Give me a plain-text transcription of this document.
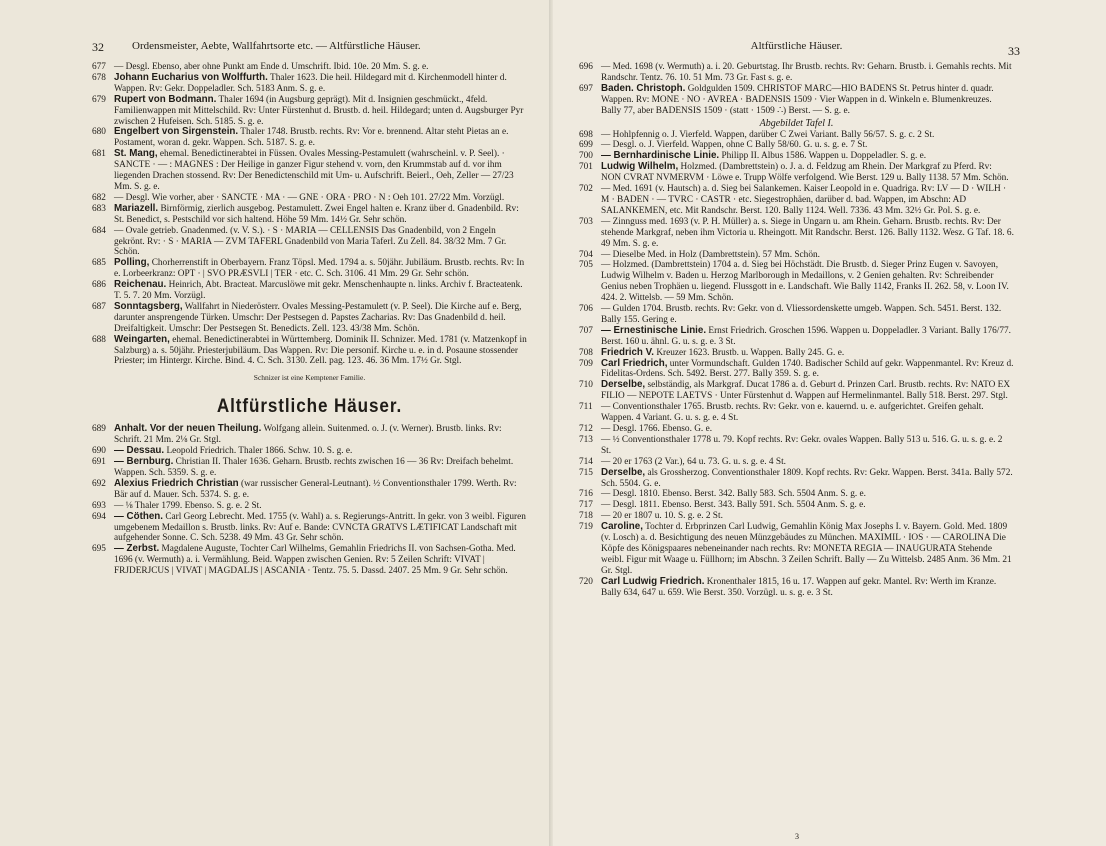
32	Ordensmeister, Aebte, Wallfahrtsorte etc. — Altfürstliche Häuser.

677 — Desgl. Ebenso, aber ohne Punkt am Ende d. Umschrift. Ibid. 10e. 20 Mm. S. g. e.

678 Johann Eucharius von Wolffurth. Thaler 1623. Die heil. Hildegard mit d. Kirchenmodell hinter d. Wappen. Rv: Gekr. Doppeladler. Sch. 5183 Anm. S. g. e.

679 Rupert von Bodmann. Thaler 1694 (in Augsburg geprägt). Mit d. Insignien geschmückt., 4feld. Familienwappen mit Mittelschild. Rv: Unter Fürstenhut d. Brustb. d. heil. Hildegard; unten d. Augsburger Pyr zwischen 2 Hufeisen. Sch. 5185. S. g. e.

680 Engelbert von Sirgenstein. Thaler 1748. Brustb. rechts. Rv: Vor e. brennend. Altar steht Pietas an e. Postament, woran d. gekr. Wappen. Sch. 5187. S. g. e.

681 St. Mang, ehemal. Benedictinerabtei in Füssen. Ovales Messing-Pestamulett (wahrscheinl. v. P. Seel). · SANCTE · — : MAGNES : Der Heilige in ganzer Figur stehend v. vorn, den Krummstab auf d. vor ihm liegenden Drachen stossend. Rv: Der Benedictenschild mit Um- u. Aufschrift. Beierl., Oeh, Zeller — 27/23 Mm. S. g. e.

682 — Desgl. Wie vorher, aber · SANCTE · MA · — GNE · ORA · PRO · N : Oeh 101. 27/22 Mm. Vorzügl.

683 Mariazell. Birnförmig, zierlich ausgebog. Pestamulett. Zwei Engel halten e. Kranz über d. Gnadenbild. Rv: St. Benedict, s. Pestschild vor sich haltend. Höhe 59 Mm. 14½ Gr. Sehr schön.

684 — Ovale getrieb. Gnadenmed. (v. V. S.). · S · MARIA — CELLENSIS Das Gnadenbild, von 2 Engeln gekrönt. Rv: · S · MARIA — ZVM TAFERL Gnadenbild von Maria Taferl. Zu Zell. 84. 38/32 Mm. 7 Gr. Schön.

685 Polling, Chorherrenstift in Oberbayern. Franz Töpsl. Med. 1794 a. s. 50jähr. Jubiläum. Brustb. rechts. Rv: In e. Lorbeerkranz: OPT · | SVO PRÆSVLI | TER · etc. C. Sch. 3106. 41 Mm. 29 Gr. Sehr schön.

686 Reichenau. Heinrich, Abt. Bracteat. Marcuslöwe mit gekr. Menschenhaupte n. links. Archiv f. Bracteatenk. T. 5. 7. 20 Mm. Vorzügl.

687 Sonntagsberg, Wallfahrt in Niederösterr. Ovales Messing-Pestamulett (v. P. Seel). Die Kirche auf e. Berg, darunter ansprengende Türken. Umschr: Der Pestsegen d. Papstes Zacharias. Rv: Das Gnadenbild d. heil. Dreifaltigkeit. Umschr: Der Pestsegen St. Benedicts. Zell. 123. 43/38 Mm. Schön.

688 Weingarten, ehemal. Benedictinerabtei in Württemberg. Dominik II. Schnizer. Med. 1781 (v. Matzenkopf in Salzburg) a. s. 50jähr. Priesterjubiläum. Das Wappen. Rv: Die personif. Kirche u. e. in d. Posaune stossender Priester; im Hintergr. Kirche. Bind. 4. C. Sch. 3130. Zell. pag. 123. 46. 36 Mm. 17½ Gr. Stgl.

Schnizer ist eine Kemptener Familie.
Altfürstliche Häuser.

689 Anhalt. Vor der neuen Theilung. Wolfgang allein. Suitenmed. o. J. (v. Werner). Brustb. links. Rv: Schrift. 21 Mm. 2⅛ Gr. Stgl.

690 — Dessau. Leopold Friedrich. Thaler 1866. Schw. 10. S. g. e.

691 — Bernburg. Christian II. Thaler 1636. Geharn. Brustb. rechts zwischen 16 — 36 Rv: Dreifach behelmt. Wappen. Sch. 5359. S. g. e.

692 Alexius Friedrich Christian (war russischer General-Leutnant). ½ Conventionsthaler 1799. Werth. Rv: Bär auf d. Mauer. Sch. 5374. S. g. e.

693 — ⅛ Thaler 1799. Ebenso. S. g. e. 2 St.

694 — Cöthen. Carl Georg Lebrecht. Med. 1755 (v. Wahl) a. s. Regierungs-Antritt. In gekr. von 3 weibl. Figuren umgebenem Medaillon s. Brustb. links. Rv: Auf e. Bande: CVNCTA GRATVS LÆTIFICAT Landschaft mit aufgehender Sonne. C. Sch. 5238. 49 Mm. 43 Gr. Sehr schön.

695 — Zerbst. Magdalene Auguste, Tochter Carl Wilhelms, Gemahlin Friedrichs II. von Sachsen-Gotha. Med. 1696 (v. Wermuth) a. i. Vermählung. Beid. Wappen zwischen Genien. Rv: 5 Zeilen Schrift: VIVAT | FRJDERJCUS | VIVAT | MAGDALJS | ASCANIA · Tentz. 75. 5. Dassd. 2407. 25 Mm. 9 Gr. Sehr schön.

Altfürstliche Häuser.	33

696 — Med. 1698 (v. Wermuth) a. i. 20. Geburtstag. Ihr Brustb. rechts. Rv: Geharn. Brustb. i. Gemahls rechts. Mit Randschr. Tentz. 76. 10. 51 Mm. 73 Gr. Fast s. g. e.

697 Baden. Christoph. Goldgulden 1509. CHRISTOF MARC—HIO BADENS St. Petrus hinter d. quadr. Wappen. Rv: MONE · NO · AVREA · BADENSIS 1509 · Vier Wappen in d. Winkeln e. Blumenkreuzes. Bally 77, aber BADENSIS 1509 · (statt · 1509 ∴) Berst. — S. g. e.

Abgebildet Tafel I.

698 — Hohlpfennig o. J. Vierfeld. Wappen, darüber C Zwei Variant. Bally 56/57. S. g. c. 2 St.

699 — Desgl. o. J. Vierfeld. Wappen, ohne C Bally 58/60. G. u. s. g. e. 7 St.

700 — Bernhardinische Linie. Philipp II. Albus 1586. Wappen u. Doppeladler. S. g. e.

701 Ludwig Wilhelm, Holzmed. (Dambrettstein) o. J. a. d. Feldzug am Rhein. Der Markgraf zu Pferd. Rv: NON CVRAT NVMERVM · Löwe e. Trupp Wölfe verfolgend. Wie Berst. 129 u. Bally 1138. 57 Mm. Schön.

702 — Med. 1691 (v. Hautsch) a. d. Sieg bei Salankemen. Kaiser Leopold in e. Quadriga. Rv: LV — D · WILH · M · BADEN · — TVRC · CASTR · etc. Siegestrophäen, darüber d. bad. Wappen, im Abschn: AD SALANKEMEN, etc. Mit Randschr. Berst. 120. Bally 1124. Well. 7336. 43 Mm. 32½ Gr. Pol. S. g. e.

703 — Zinnguss med. 1693 (v. P. H. Müller) a. s. Siege in Ungarn u. am Rhein. Geharn. Brustb. rechts. Rv: Der stehende Markgraf, neben ihm Victoria u. Rheingott. Mit Randschr. Berst. 126. Bally 1132. Wesz. G Taf. 18. 6. 49 Mm. S. g. e.

704 — Dieselbe Med. in Holz (Dambrettstein). 57 Mm. Schön.

705 — Holzmed. (Dambrettstein) 1704 a. d. Sieg bei Höchstädt. Die Brustb. d. Sieger Prinz Eugen v. Savoyen, Ludwig Wilhelm v. Baden u. Herzog Marlborough in Medaillons, v. 2 Genien gehalten. Rv: Schreibender Genius neben Trophäen u. liegend. Flussgott in e. Landschaft. Wie Bally 1142, Franks II. 262. 58, v. Loon IV. 424. 2. Wittelsb. — 59 Mm. Schön.

706 — Gulden 1704. Brustb. rechts. Rv: Gekr. von d. Vliessordenskette umgeb. Wappen. Sch. 5451. Berst. 132. Bally 155. Gering e.

707 — Ernestinische Linie. Ernst Friedrich. Groschen 1596. Wappen u. Doppeladler. 3 Variant. Bally 176/77. Berst. 160 u. ähnl. G. u. s. g. e. 3 St.

708 Friedrich V. Kreuzer 1623. Brustb. u. Wappen. Bally 245. G. e.

709 Carl Friedrich, unter Vormundschaft. Gulden 1740. Badischer Schild auf gekr. Wappenmantel. Rv: Kreuz d. Fidelitas-Ordens. Sch. 5492. Berst. 277. Bally 359. S. g. e.

710 Derselbe, selbständig, als Markgraf. Ducat 1786 a. d. Geburt d. Prinzen Carl. Brustb. rechts. Rv: NATO EX FILIO — NEPOTE LAETVS · Unter Fürstenhut d. Wappen auf Hermelinmantel. Bally 518. Berst. 297. Stgl.

711 — Conventionsthaler 1765. Brustb. rechts. Rv: Gekr. von e. kauernd. u. e. aufgerichtet. Greifen gehalt. Wappen. 4 Variant. G. u. s. g. e. 4 St.

712 — Desgl. 1766. Ebenso. G. e.

713 — ½ Conventionsthaler 1778 u. 79. Kopf rechts. Rv: Gekr. ovales Wappen. Bally 513 u. 516. G. u. s. g. e. 2 St.

714 — 20 er 1763 (2 Var.), 64 u. 73. G. u. s. g. e. 4 St.

715 Derselbe, als Grossherzog. Conventionsthaler 1809. Kopf rechts. Rv: Gekr. Wappen. Berst. 341a. Bally 572. Sch. 5504. G. e.

716 — Desgl. 1810. Ebenso. Berst. 342. Bally 583. Sch. 5504 Anm. S. g. e.

717 — Desgl. 1811. Ebenso. Berst. 343. Bally 591. Sch. 5504 Anm. S. g. e.

718 — 20 er 1807 u. 10. S. g. e. 2 St.

719 Caroline, Tochter d. Erbprinzen Carl Ludwig, Gemahlin König Max Josephs I. v. Bayern. Gold. Med. 1809 (v. Losch) a. d. Besichtigung des neuen Münzgebäudes zu München. MAXIMIL · IOS · — CAROLINA Die Köpfe des Königspaares nebeneinander nach rechts. Rv: MONETA REGIA — INAUGURATA Stehende weibl. Figur mit Waage u. Füllhorn; im Abschn. 3 Zeilen Schrift. Bally — Zu Wittelsb. 2485 Anm. 36 Mm. 21 Gr. Stgl.

720 Carl Ludwig Friedrich. Kronenthaler 1815, 16 u. 17. Wappen auf gekr. Mantel. Rv: Werth im Kranze. Bally 634, 647 u. 659. Wie Berst. 350. Vorzügl. u. s. g. e. 3 St.

3
